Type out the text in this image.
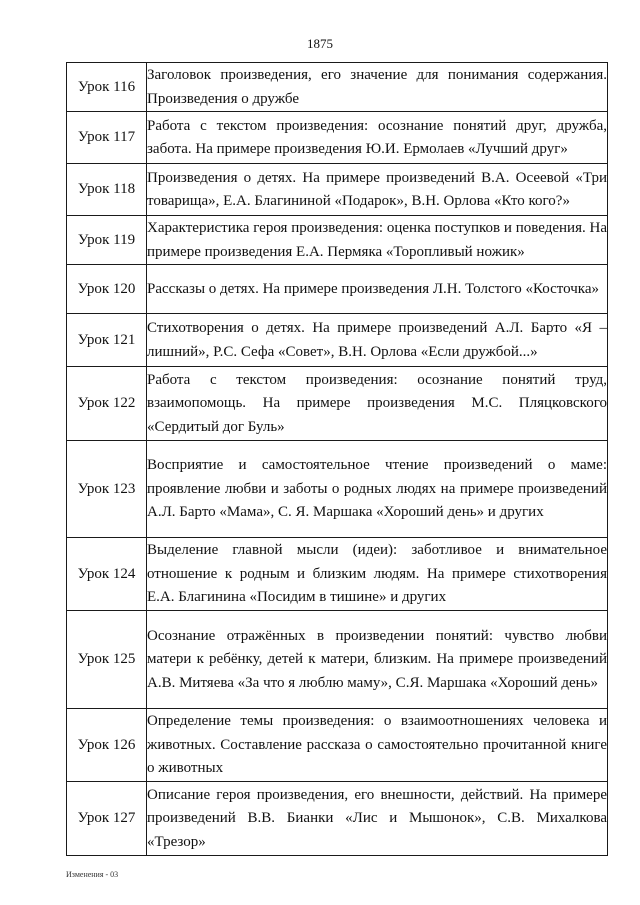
1875
Урок 116	Заголовок произведения, его значение для понимания содержания. Произведения о дружбе

Урок 117	Работа с текстом произведения: осознание понятий друг, дружба, забота. На примере произведения Ю.И. Ермолаев «Лучший друг»

Урок 118	Произведения о детях. На примере произведений В.А. Осеевой «Три товарища», Е.А. Благининой «Подарок», В.Н. Орлова «Кто кого?»

Урок 119	Характеристика героя произведения: оценка поступков и поведения. На примере произведения Е.А. Пермяка «Торопливый ножик»

Урок 120	Рассказы о детях. На примере произведения Л.Н. Толстого «Косточка»

Урок 121	Стихотворения о детях. На примере произведений А.Л. Барто «Я – лишний», Р.С. Сефа «Совет», В.Н. Орлова «Если дружбой...»

Урок 122	Работа с текстом произведения: осознание понятий труд, взаимопомощь. На примере произведения М.С. Пляцковского «Сердитый дог Буль»

Урок 123	Восприятие и самостоятельное чтение произведений о маме: проявление любви и заботы о родных людях на примере произведений А.Л. Барто «Мама», С. Я. Маршака «Хороший день» и других

Урок 124	Выделение главной мысли (идеи): заботливое и внимательное отношение к родным и близким людям. На примере стихотворения Е.А. Благинина «Посидим в тишине» и других

Урок 125	Осознание отражённых в произведении понятий: чувство любви матери к ребёнку, детей к матери, близким. На примере произведений А.В. Митяева «За что я люблю маму», С.Я. Маршака «Хороший день»

Урок 126	Определение темы произведения: о взаимоотношениях человека и животных. Составление рассказа о самостоятельно прочитанной книге о животных

Урок 127	Описание героя произведения, его внешности, действий. На примере произведений В.В. Бианки «Лис и Мышонок», С.В. Михалкова «Трезор»
Изменения - 03
